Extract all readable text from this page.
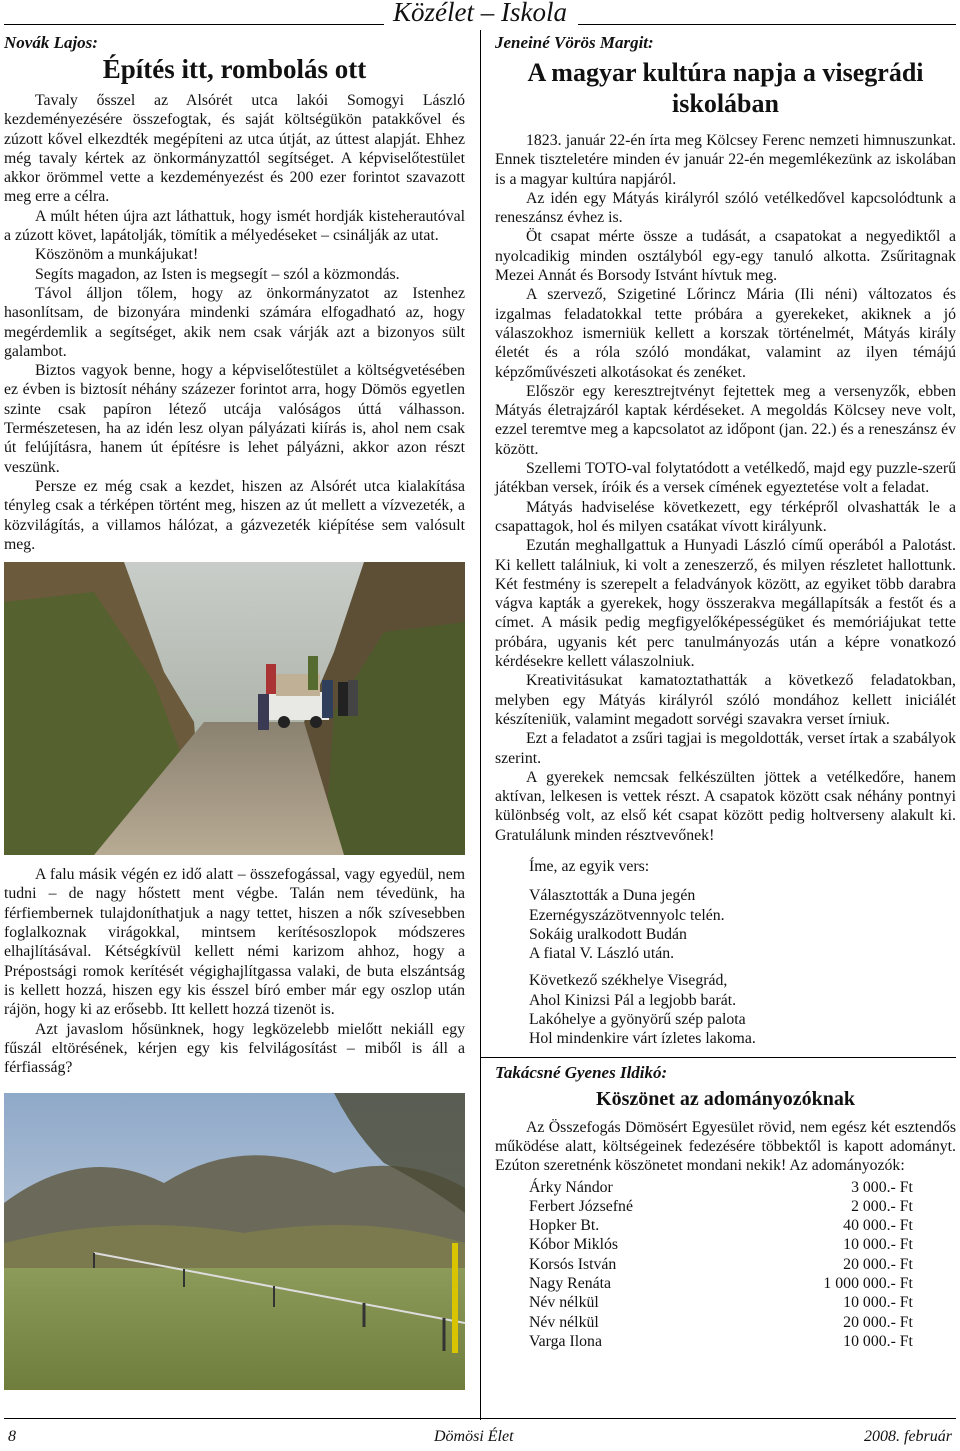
Közélet – Iskola
Novák Lajos:
Építés itt, rombolás ott

Tavaly ősszel az Alsórét utca lakói Somogyi László kezdeményezésére összefogtak, és saját költségükön patakkővel és zúzott kővel elkezdték megépíteni az utca útját, az úttest alapját. Ehhez még tavaly kértek az önkormányzattól segítséget. A képviselőtestület akkor örömmel vette a kezdeményezést és 200 ezer forintot szavazott meg erre a célra.

A múlt héten újra azt láthattuk, hogy ismét hordják kisteherautóval a zúzott követ, lapátolják, tömítik a mélyedéseket – csinálják az utat.

Köszönöm a munkájukat!

Segíts magadon, az Isten is megsegít – szól a közmondás.

Távol álljon tőlem, hogy az önkormányzatot az Istenhez hasonlítsam, de bizonyára mindenki számára elfogadható az, hogy megérdemlik a segítséget, akik nem csak várják azt a bizonyos sült galambot.

Biztos vagyok benne, hogy a képviselőtestület a költségvetésében ez évben is biztosít néhány százezer forintot arra, hogy Dömös egyetlen szinte csak papíron létező utcája valóságos úttá válhasson. Természetesen, ha az idén lesz olyan pályázati kiírás is, ahol nem csak út felújításra, hanem út építésre is lehet pályázni, akkor azon részt veszünk.

Persze ez még csak a kezdet, hiszen az Alsórét utca kialakítása tényleg csak a térképen történt meg, hiszen az út mellett a vízvezeték, a közvilágítás, a villamos hálózat, a gázvezeték kiépítése sem valósult meg.

A falu másik végén ez idő alatt – összefogással, vagy egyedül, nem tudni – de nagy hőstett ment végbe. Talán nem tévedünk, ha férfiembernek tulajdoníthatjuk a nagy tettet, hiszen a nők szívesebben foglalkoznak virágokkal, mintsem kerítésoszlopok módszeres elhajlításával. Kétségkívül kellett némi karizom ahhoz, hogy a Prépostsági romok kerítését végighajlítgassa valaki, de buta elszántság is kellett hozzá, hiszen egy kis ésszel bíró ember már egy oszlop után rájön, hogy ki az erősebb. Itt kellett hozzá tizenöt is.

Azt javaslom hősünknek, hogy legközelebb mielőtt nekiáll egy fűszál eltörésének, kérjen egy kis felvilágosítást – miből is áll a férfiasság?

Jeneiné Vörös Margit:
A magyar kultúra napja a visegrádi iskolában

1823. január 22-én írta meg Kölcsey Ferenc nemzeti himnuszunkat. Ennek tiszteletére minden év január 22-én megemlékezünk az iskolában is a magyar kultúra napjáról.

Az idén egy Mátyás királyról szóló vetélkedővel kapcsolódtunk a reneszánsz évhez is.

Öt csapat mérte össze a tudását, a csapatokat a negyediktől a nyolcadikig minden osztályból egy-egy tanuló alkotta. Zsűritagnak Mezei Annát és Borsody Istvánt hívtuk meg.

A szervező, Szigetiné Lőrincz Mária (Ili néni) változatos és izgalmas feladatokkal tette próbára a gyerekeket, akiknek a jó válaszokhoz ismerniük kellett a korszak történelmét, Mátyás király életét és a róla szóló mondákat, valamint az ilyen témájú képzőművészeti alkotásokat és zenéket.

Először egy keresztrejtvényt fejtettek meg a versenyzők, ebben Mátyás életrajzáról kaptak kérdéseket. A megoldás Kölcsey neve volt, ezzel teremtve meg a kapcsolatot az időpont (jan. 22.) és a reneszánsz év között.

Szellemi TOTO-val folytatódott a vetélkedő, majd egy puzzle-szerű játékban versek, íróik és a versek címének egyeztetése volt a feladat.

Mátyás hadviselése következett, egy térképről olvashatták le a csapattagok, hol és milyen csatákat vívott királyunk.

Ezután meghallgattuk a Hunyadi László című operából a Palotást. Ki kellett találniuk, ki volt a zeneszerző, és milyen részletet hallottunk. Két festmény is szerepelt a feladványok között, az egyiket több darabra vágva kapták a gyerekek, hogy összerakva megállapítsák a festőt és a címet. A másik pedig megfigyelőképességüket és memóriájukat tette próbára, ugyanis két perc tanulmányozás után a képre vonatkozó kérdésekre kellett válaszolniuk.

Kreativitásukat kamatoztathatták a következő feladatokban, melyben egy Mátyás királyról szóló mondához kellett iniciálét készíteniük, valamint megadott sorvégi szavakra verset írniuk.

Ezt a feladatot a zsűri tagjai is megoldották, verset írtak a szabályok szerint.

A gyerekek nemcsak felkészülten jöttek a vetélkedőre, hanem aktívan, lelkesen is vettek részt. A csapatok között csak néhány pontnyi különbség volt, az első két csapat között pedig holtverseny alakult ki. Gratulálunk minden résztvevőnek!

Íme, az egyik vers:
Választották a Duna jegén
Ezernégyszázötvennyolc telén.
Sokáig uralkodott Budán
A fiatal V. László után.
Következő székhelye Visegrád,
Ahol Kinizsi Pál a legjobb barát.
Lakóhelye a gyönyörű szép palota
Hol mindenkire várt ízletes lakoma.
Takácsné Gyenes Ildikó:
Köszönet az adományozóknak

Az Összefogás Dömösért Egyesület rövid, nem egész két esztendős működése alatt, költségeinek fedezésére többektől is kapott adományt. Ezúton szeretnénk köszönetet mondani nekik! Az adományozók:

Árky Nándor	3 000.- Ft
Ferbert Józsefné	2 000.- Ft
Hopker Bt.	40 000.- Ft
Kóbor Miklós	10 000.- Ft
Korsós István	20 000.- Ft
Nagy Renáta	1 000 000.- Ft
Név nélkül	10 000.- Ft
Név nélkül	20 000.- Ft
Varga Ilona	10 000.- Ft
8	Dömösi Élet	2008. február
